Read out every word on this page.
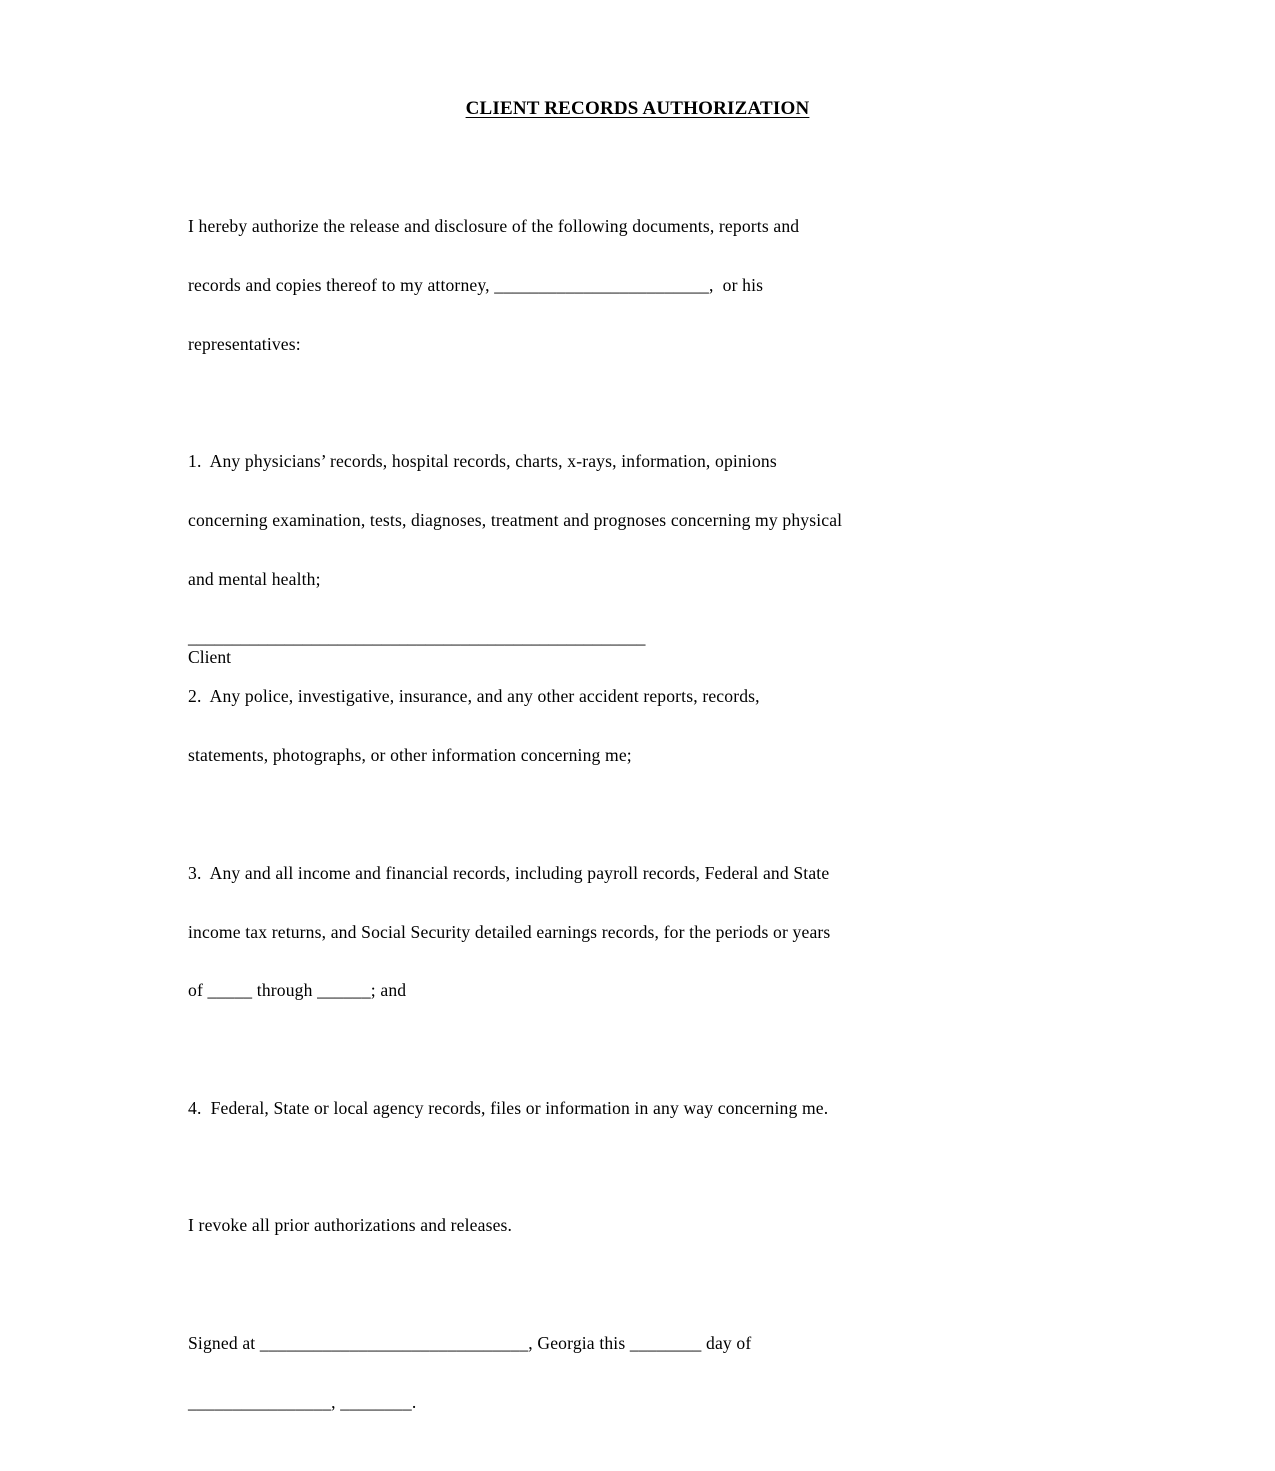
CLIENT RECORDS AUTHORIZATION

I hereby authorize the release and disclosure of the following documents, reports and

records and copies thereof to my attorney, ________________________,  or his

representatives:

1.  Any physicians’ records, hospital records, charts, x-rays, information, opinions

concerning examination, tests, diagnoses, treatment and prognoses concerning my physical

and mental health;

2.  Any police, investigative, insurance, and any other accident reports, records,

statements, photographs, or other information concerning me;

3.  Any and all income and financial records, including payroll records, Federal and State

income tax returns, and Social Security detailed earnings records, for the periods or years

of _____ through ______; and

4.  Federal, State or local agency records, files or information in any way concerning me.

I revoke all prior authorizations and releases.

Signed at ______________________________, Georgia this ________ day of

________________, ________.

____________________________________________________
Client
